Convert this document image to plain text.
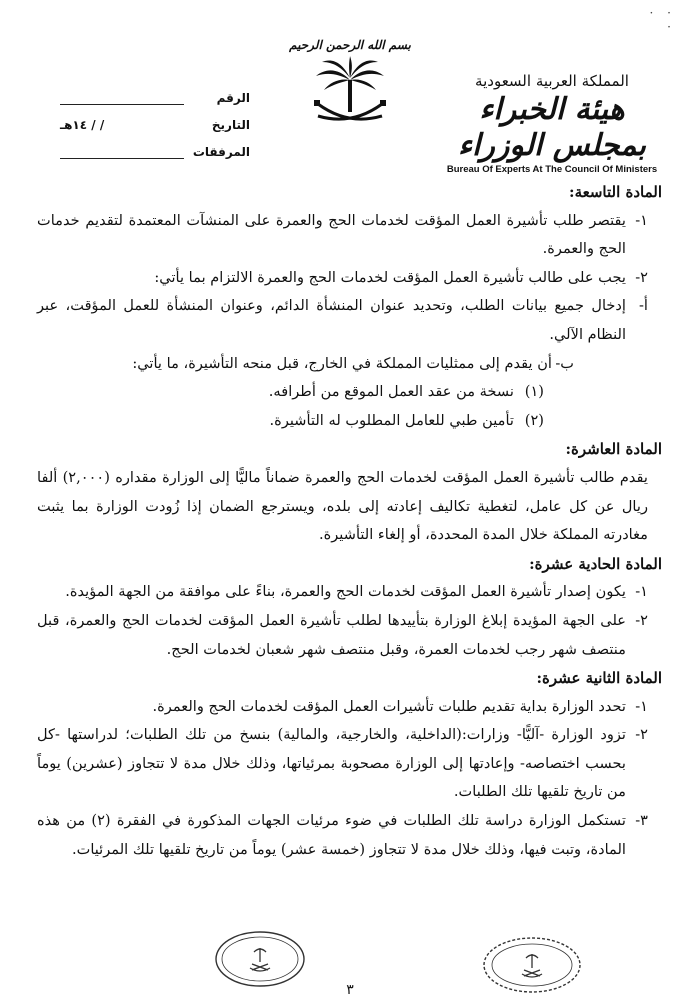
· ·
·
المملكة العربية السعودية
هيئة الخبراء بمجلس الوزراء
Bureau Of Experts At The Council Of Ministers
بسم الله الرحمن الرحيم
الرقم
التاريخ
/ / ١٤هـ
المرفقات
المادة التاسعة:
١-
يقتصر طلب تأشيرة العمل المؤقت لخدمات الحج والعمرة على المنشآت المعتمدة لتقديم خدمات الحج والعمرة.
٢-
يجب على طالب تأشيرة العمل المؤقت لخدمات الحج والعمرة الالتزام بما يأتي:
أ-
إدخال جميع بيانات الطلب، وتحديد عنوان المنشأة الدائم، وعنوان المنشأة للعمل المؤقت، عبر النظام الآلي.
ب-
أن يقدم إلى ممثليات المملكة في الخارج، قبل منحه التأشيرة، ما يأتي:
(١)
نسخة من عقد العمل الموقع من أطرافه.
(٢)
تأمين طبي للعامل المطلوب له التأشيرة.
المادة العاشرة:
يقدم طالب تأشيرة العمل المؤقت لخدمات الحج والعمرة ضماناً ماليًّا إلى الوزارة مقداره (٢,٠٠٠) ألفا ريال عن كل عامل، لتغطية تكاليف إعادته إلى بلده، ويسترجع الضمان إذا زُودت الوزارة بما يثبت مغادرته المملكة خلال المدة المحددة، أو إلغاء التأشيرة.
المادة الحادية عشرة:
١-
يكون إصدار تأشيرة العمل المؤقت لخدمات الحج والعمرة، بناءً على موافقة من الجهة المؤيدة.
٢-
على الجهة المؤيدة إبلاغ الوزارة بتأييدها لطلب تأشيرة العمل المؤقت لخدمات الحج والعمرة، قبل منتصف شهر رجب لخدمات العمرة، وقبل منتصف شهر شعبان لخدمات الحج.
المادة الثانية عشرة:
١-
تحدد الوزارة بداية تقديم طلبات تأشيرات العمل المؤقت لخدمات الحج والعمرة.
٢-
تزود الوزارة -آليًّا- وزارات:(الداخلية، والخارجية، والمالية) بنسخ من تلك الطلبات؛ لدراستها -كل بحسب اختصاصه- وإعادتها إلى الوزارة مصحوبة بمرئياتها، وذلك خلال مدة لا تتجاوز (عشرين) يوماً من تاريخ تلقيها تلك الطلبات.
٣-
تستكمل الوزارة دراسة تلك الطلبات في ضوء مرئيات الجهات المذكورة في الفقرة (٢) من هذه المادة، وتبت فيها، وذلك خلال مدة لا تتجاوز (خمسة عشر) يوماً من تاريخ تلقيها تلك المرئيات.
٣
